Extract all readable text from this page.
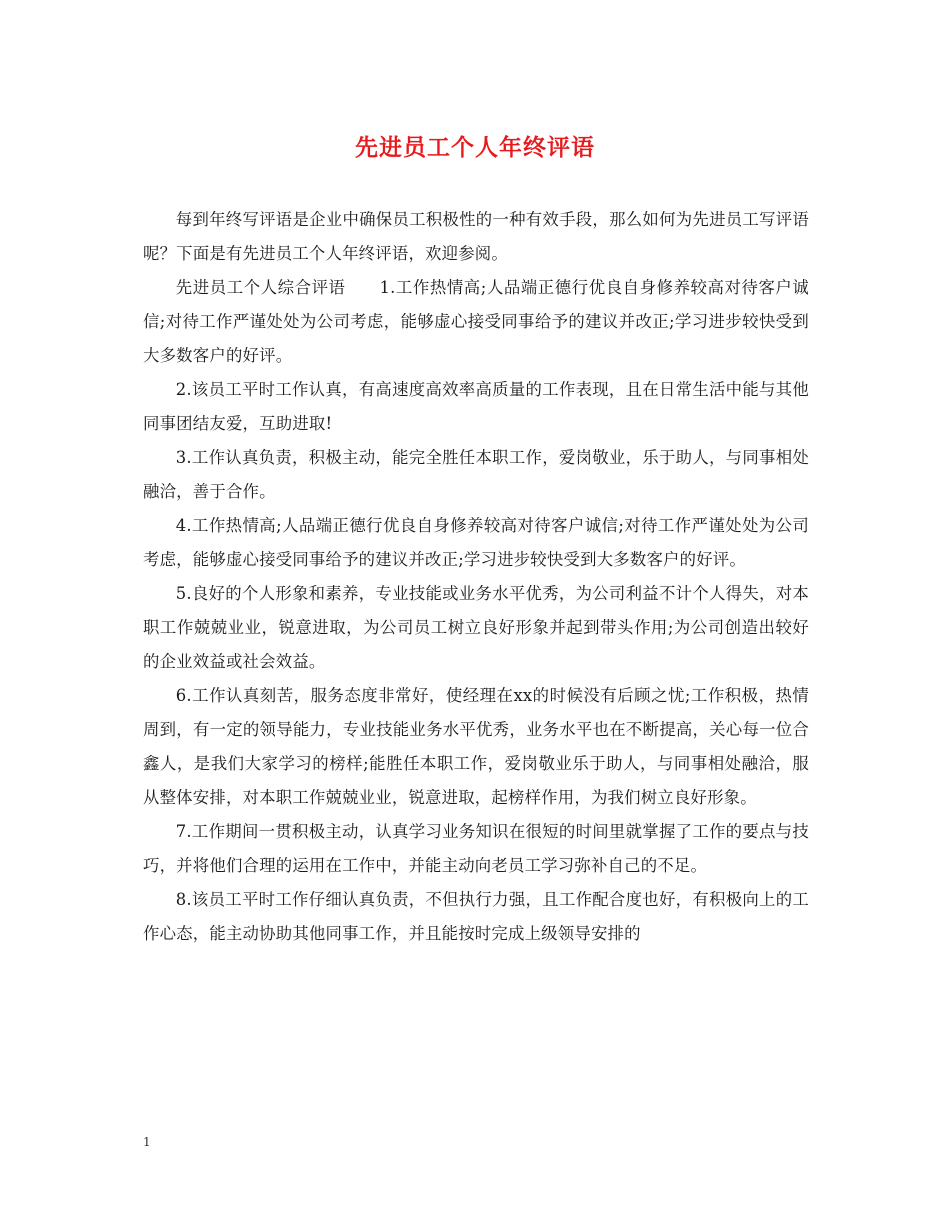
先进员工个人年终评语

每到年终写评语是企业中确保员工积极性的一种有效手段，那么如何为先进员工写评语呢？下面是有先进员工个人年终评语，欢迎参阅。

先进员工个人综合评语　　1.工作热情高;人品端正德行优良自身修养较高对待客户诚信;对待工作严谨处处为公司考虑，能够虚心接受同事给予的建议并改正;学习进步较快受到大多数客户的好评。

2.该员工平时工作认真，有高速度高效率高质量的工作表现，且在日常生活中能与其他同事团结友爱，互助进取!

3.工作认真负责，积极主动，能完全胜任本职工作，爱岗敬业，乐于助人，与同事相处融洽，善于合作。

4.工作热情高;人品端正德行优良自身修养较高对待客户诚信;对待工作严谨处处为公司考虑，能够虚心接受同事给予的建议并改正;学习进步较快受到大多数客户的好评。

5.良好的个人形象和素养，专业技能或业务水平优秀，为公司利益不计个人得失，对本职工作兢兢业业，锐意进取，为公司员工树立良好形象并起到带头作用;为公司创造出较好的企业效益或社会效益。

6.工作认真刻苦，服务态度非常好，使经理在xx的时候没有后顾之忧;工作积极，热情周到，有一定的领导能力，专业技能业务水平优秀，业务水平也在不断提高，关心每一位合鑫人，是我们大家学习的榜样;能胜任本职工作，爱岗敬业乐于助人，与同事相处融洽，服从整体安排，对本职工作兢兢业业，锐意进取，起榜样作用，为我们树立良好形象。

7.工作期间一贯积极主动，认真学习业务知识在很短的时间里就掌握了工作的要点与技巧，并将他们合理的运用在工作中，并能主动向老员工学习弥补自己的不足。

8.该员工平时工作仔细认真负责，不但执行力强，且工作配合度也好，有积极向上的工作心态，能主动协助其他同事工作，并且能按时完成上级领导安排的

1
